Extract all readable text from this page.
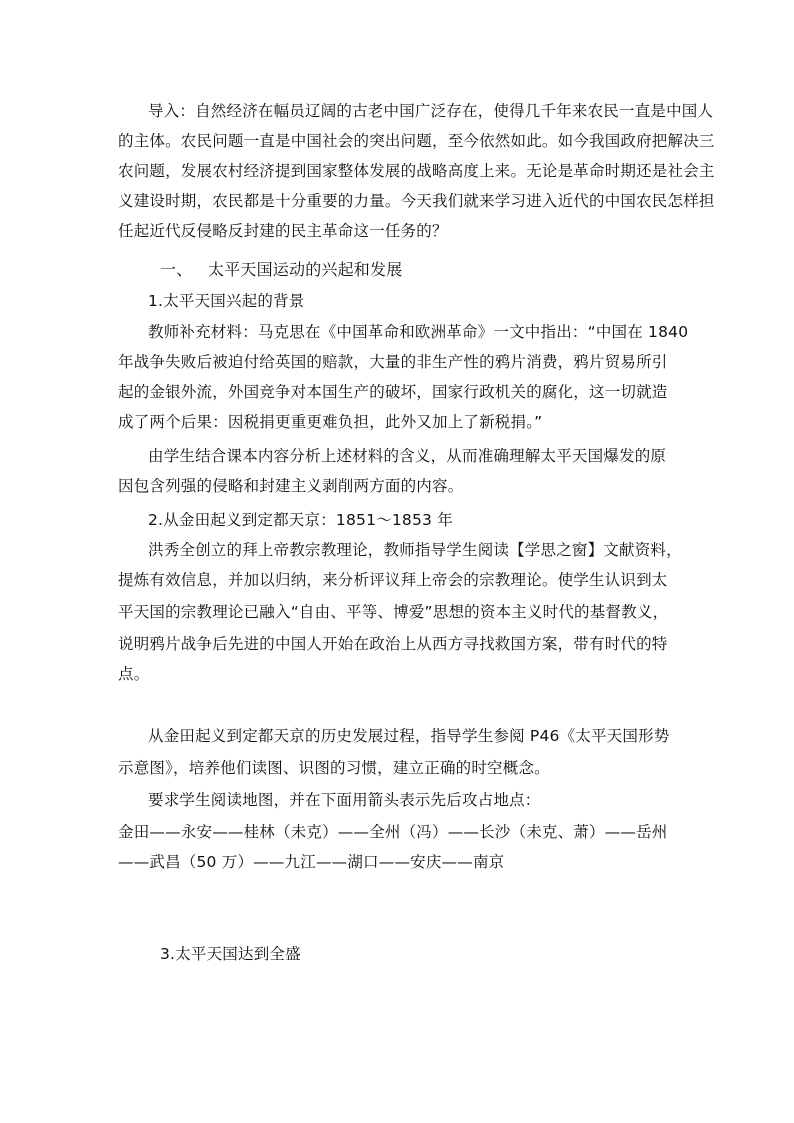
导入：自然经济在幅员辽阔的古老中国广泛存在，使得几千年来农民一直是中国人
的主体。农民问题一直是中国社会的突出问题，至今依然如此。如今我国政府把解决三
农问题，发展农村经济提到国家整体发展的战略高度上来。无论是革命时期还是社会主
义建设时期，农民都是十分重要的力量。今天我们就来学习进入近代的中国农民怎样担
任起近代反侵略反封建的民主革命这一任务的？
一、 太平天国运动的兴起和发展
1.太平天国兴起的背景
教师补充材料：马克思在《中国革命和欧洲革命》一文中指出：“中国在 1840
年战争失败后被迫付给英国的赔款，大量的非生产性的鸦片消费，鸦片贸易所引
起的金银外流，外国竞争对本国生产的破坏，国家行政机关的腐化，这一切就造
成了两个后果：因税捐更重更难负担，此外又加上了新税捐。”
由学生结合课本内容分析上述材料的含义，从而准确理解太平天国爆发的原
因包含列强的侵略和封建主义剥削两方面的内容。
2.从金田起义到定都天京：1851～1853 年
洪秀全创立的拜上帝教宗教理论，教师指导学生阅读【学思之窗】文献资料，
提炼有效信息，并加以归纳，来分析评议拜上帝会的宗教理论。使学生认识到太
平天国的宗教理论已融入“自由、平等、博爱”思想的资本主义时代的基督教义，
说明鸦片战争后先进的中国人开始在政治上从西方寻找救国方案，带有时代的特
点。
从金田起义到定都天京的历史发展过程，指导学生参阅 P46《太平天国形势
示意图》，培养他们读图、识图的习惯，建立正确的时空概念。
要求学生阅读地图，并在下面用箭头表示先后攻占地点：
金田——永安——桂林（未克）——全州（冯）——长沙（未克、萧）——岳州
——武昌（50 万）——九江——湖口——安庆——南京
3.太平天国达到全盛
